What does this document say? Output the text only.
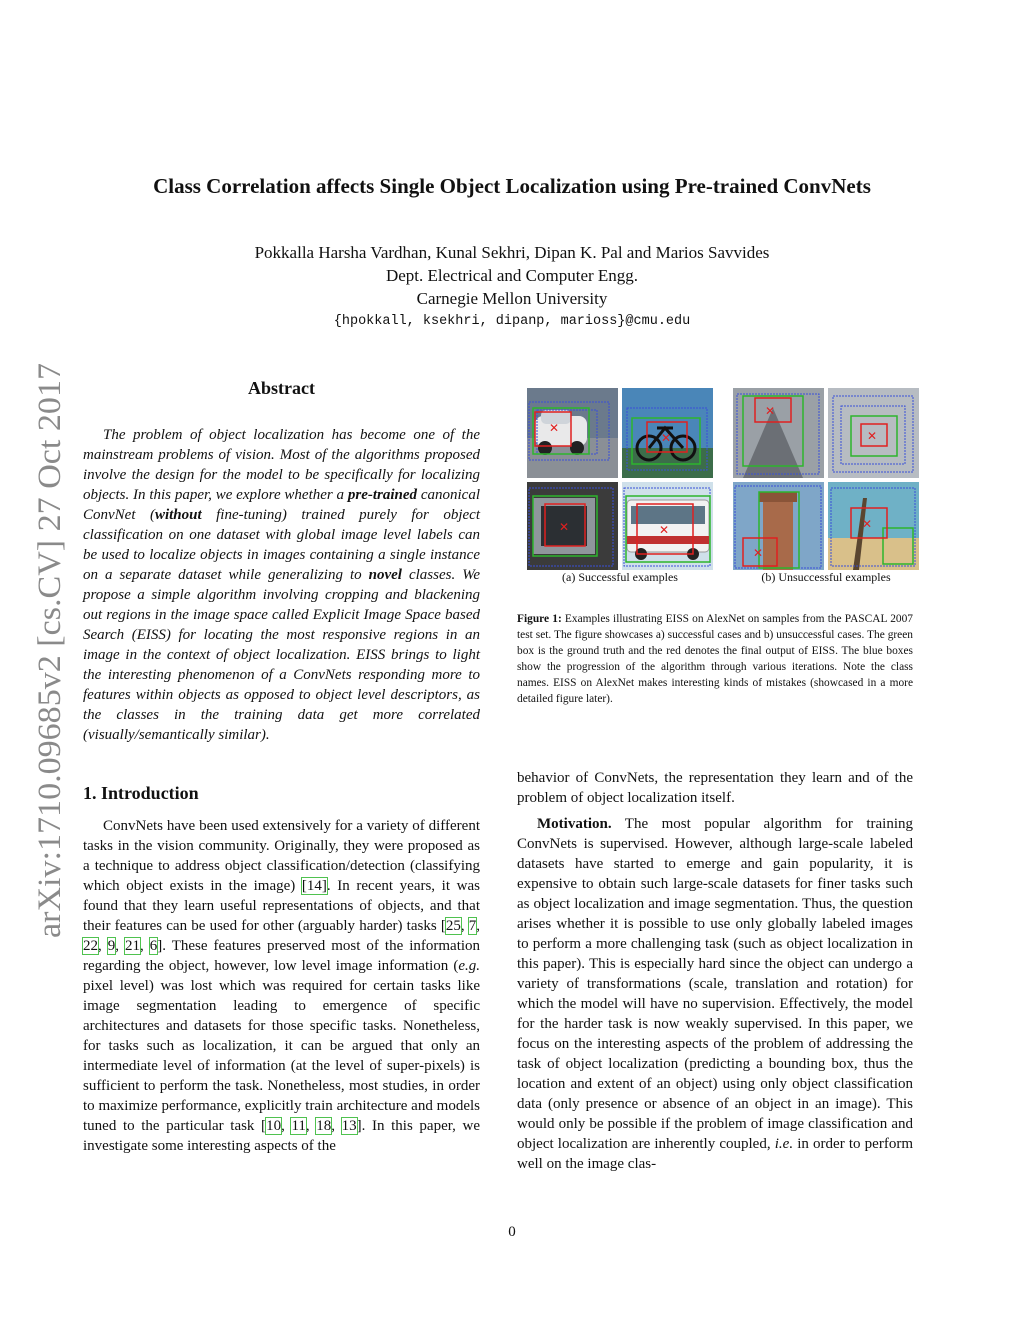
arXiv:1710.09685v2 [cs.CV] 27 Oct 2017
Class Correlation affects Single Object Localization using Pre-trained ConvNets
Pokkalla Harsha Vardhan, Kunal Sekhri, Dipan K. Pal and Marios Savvides
Dept. Electrical and Computer Engg.
Carnegie Mellon University
{hpokkall, ksekhri, dipanp, marioss}@cmu.edu
Abstract

The problem of object localization has become one of the mainstream problems of vision. Most of the algorithms proposed involve the design for the model to be specifically for localizing objects. In this paper, we explore whether a pre-trained canonical ConvNet (without fine-tuning) trained purely for object classification on one dataset with global image level labels can be used to localize objects in images containing a single instance on a separate dataset while generalizing to novel classes. We propose a simple algorithm involving cropping and blackening out regions in the image space called Explicit Image Space based Search (EISS) for locating the most responsive regions in an image in the context of object localization. EISS brings to light the interesting phenomenon of a ConvNets responding more to features within objects as opposed to object level descriptors, as the classes in the training data get more correlated (visually/semantically similar).

1. Introduction

ConvNets have been used extensively for a variety of different tasks in the vision community. Originally, they were proposed as a technique to address object classification/detection (classifying which object exists in the image) [14]. In recent years, it was found that they learn useful representations of objects, and that their features can be used for other (arguably harder) tasks [25, 7, 22, 9, 21, 6]. These features preserved most of the information regarding the object, however, low level image information (e.g. pixel level) was lost which was required for certain tasks like image segmentation leading to emergence of specific architectures and datasets for those specific tasks. Nonetheless, for tasks such as localization, it can be argued that only an intermediate level of information (at the level of super-pixels) is sufficient to perform the task. Nonetheless, most studies, in order to maximize performance, explicitly train architecture and models tuned to the particular task [10, 11, 18, 13]. In this paper, we investigate some interesting aspects of the

✕
✕
✕	✕
(a) Successful examples
✕
✕
✕
✕
(b) Unsuccessful examples
Figure 1: Examples illustrating EISS on AlexNet on samples from the PASCAL 2007 test set. The figure showcases a) successful cases and b) unsuccessful cases. The green box is the ground truth and the red denotes the final output of EISS. The blue boxes show the progression of the algorithm through various iterations. Note the class names. EISS on AlexNet makes interesting kinds of mistakes (showcased in a more detailed figure later).

behavior of ConvNets, the representation they learn and of the problem of object localization itself.

Motivation. The most popular algorithm for training ConvNets is supervised. However, although large-scale labeled datasets have started to emerge and gain popularity, it is expensive to obtain such large-scale datasets for finer tasks such as object localization and image segmentation. Thus, the question arises whether it is possible to use only globally labeled images to perform a more challenging task (such as object localization in this paper). This is especially hard since the object can undergo a variety of transformations (scale, translation and rotation) for which the model will have no supervision. Effectively, the model for the harder task is now weakly supervised. In this paper, we focus on the interesting aspects of the problem of addressing the task of object localization (predicting a bounding box, thus the location and extent of an object) using only object classification data (only presence or absence of an object in an image). This would only be possible if the problem of image classification and object localization are inherently coupled, i.e. in order to perform well on the image clas-

0
